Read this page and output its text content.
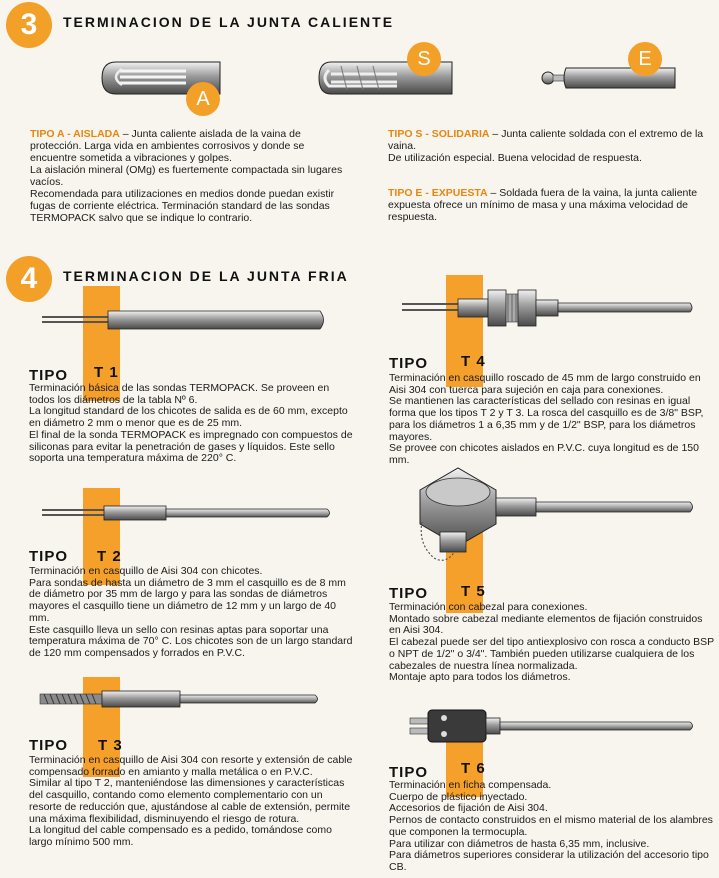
3	TERMINACION DE LA JUNTA CALIENTE
A
S	E

TIPO A - AISLADA – Junta caliente aislada de la vaina de protección. Larga vida en ambientes corrosivos y donde se encuentre sometida a vibraciones y golpes.

La aislación mineral (OMg) es fuertemente compactada sin lugares vacíos.

Recomendada para utilizaciones en medios donde puedan existir fugas de corriente eléctrica. Terminación standard de las sondas TERMOPACK salvo que se indique lo contrario.

TIPO S - SOLIDARIA – Junta caliente soldada con el extremo de la vaina.

De utilización especial. Buena velocidad de respuesta.

TIPO E - EXPUESTA – Soldada fuera de la vaina, la junta caliente expuesta ofrece un mínimo de masa y una máxima velocidad de respuesta.

4	TERMINACION DE LA JUNTA FRIA
TIPO T 1
TIPO T 2
TIPO T 3
TIPO T 4
TIPO T 5
TIPO T 6

Terminación básica de las sondas TERMOPACK. Se proveen en todos los diámetros de la tabla Nº 6.

La longitud standard de los chicotes de salida es de 60 mm, excepto en diámetro 2 mm o menor que es de 25 mm.

El final de la sonda TERMOPACK es impregnado con compuestos de siliconas para evitar la penetración de gases y líquidos. Este sello soporta una temperatura máxima de 220° C.

Terminación en casquillo de Aisi 304 con chicotes.

Para sondas de hasta un diámetro de 3 mm el casquillo es de 8 mm de diámetro por 35 mm de largo y para las sondas de diámetros mayores el casquillo tiene un diámetro de 12 mm y un largo de 40 mm.

Este casquillo lleva un sello con resinas aptas para soportar una temperatura máxima de 70° C. Los chicotes son de un largo standard de 120 mm compensados y forrados en P.V.C.

Terminación en casquillo de Aisi 304 con resorte y extensión de cable compensado forrado en amianto y malla metálica o en P.V.C.

Similar al tipo T 2, manteniéndose las dimensiones y características del casquillo, contando como elemento complementario con un resorte de reducción que, ajustándose al cable de extensión, permite una máxima flexibilidad, disminuyendo el riesgo de rotura.

La longitud del cable compensado es a pedido, tomándose como largo mínimo 500 mm.

Terminación en casquillo roscado de 45 mm de largo construido en Aisi 304 con tuerca para sujeción en caja para conexiones.

Se mantienen las características del sellado con resinas en igual forma que los tipos T 2 y T 3. La rosca del casquillo es de 3/8" BSP, para los diámetros 1 a 6,35 mm y de 1/2" BSP, para los diámetros mayores.

Se provee con chicotes aislados en P.V.C. cuya longitud es de 150 mm.

Terminación con cabezal para conexiones.

Montado sobre cabezal mediante elementos de fijación construidos en Aisi 304.

El cabezal puede ser del tipo antiexplosivo con rosca a conducto BSP o NPT de 1/2" o 3/4". También pueden utilizarse cualquiera de los cabezales de nuestra línea normalizada.

Montaje apto para todos los diámetros.

Terminación en ficha compensada.

Cuerpo de plástico inyectado.

Accesorios de fijación de Aisi 304.

Pernos de contacto construidos en el mismo material de los alambres que componen la termocupla.

Para utilizar con diámetros de hasta 6,35 mm, inclusive.

Para diámetros superiores considerar la utilización del accesorio tipo CB.
